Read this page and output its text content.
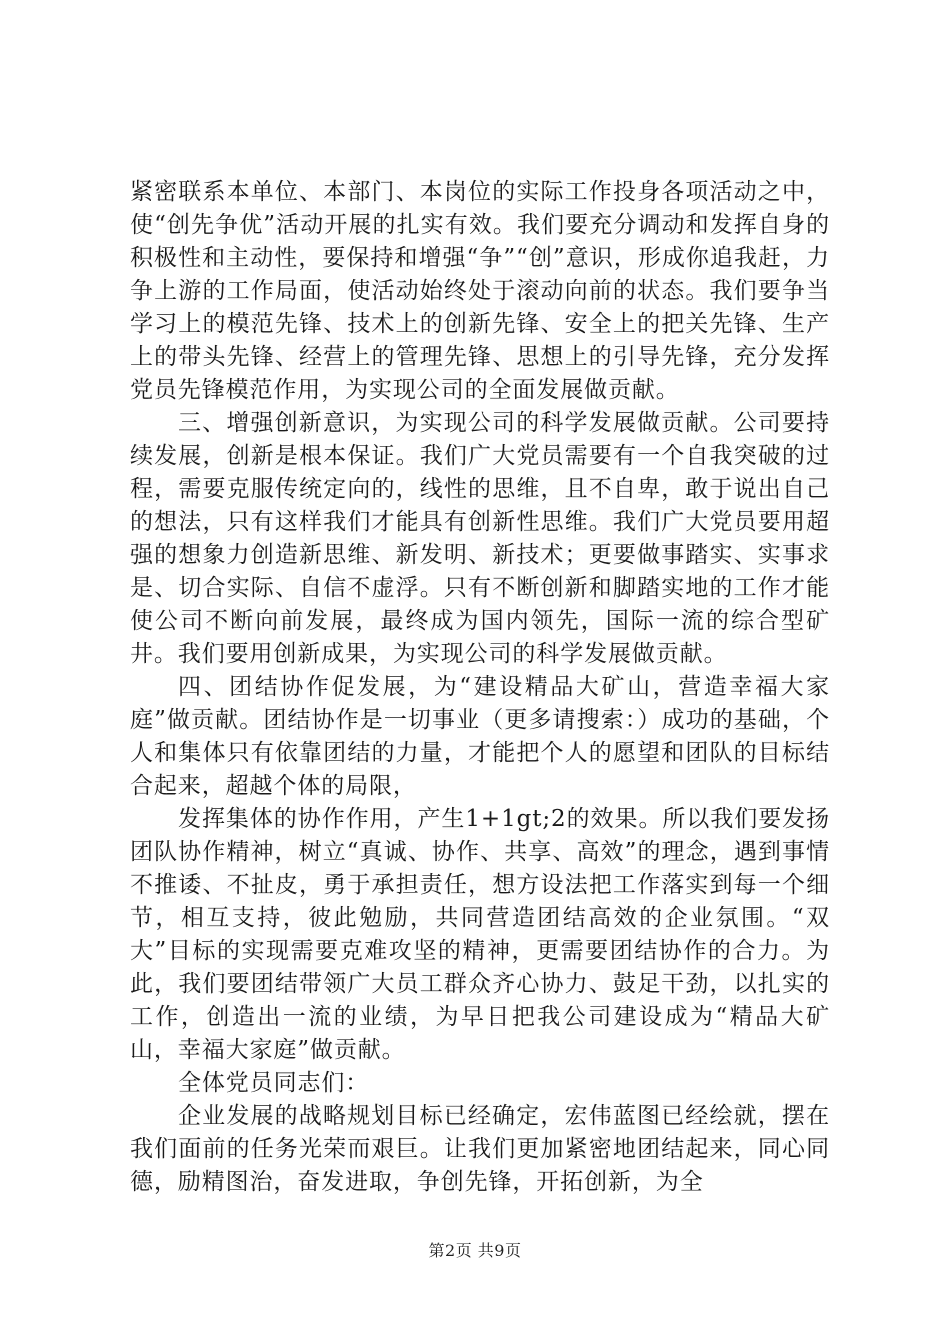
紧密联系本单位、本部门、本岗位的实际工作投身各项活动之中，使“创先争优”活动开展的扎实有效。我们要充分调动和发挥自身的积极性和主动性，要保持和增强“争”“创”意识，形成你追我赶，力争上游的工作局面，使活动始终处于滚动向前的状态。我们要争当学习上的模范先锋、技术上的创新先锋、安全上的把关先锋、生产上的带头先锋、经营上的管理先锋、思想上的引导先锋，充分发挥党员先锋模范作用，为实现公司的全面发展做贡献。

三、增强创新意识，为实现公司的科学发展做贡献。公司要持续发展，创新是根本保证。我们广大党员需要有一个自我突破的过程，需要克服传统定向的，线性的思维，且不自卑，敢于说出自己的想法，只有这样我们才能具有创新性思维。我们广大党员要用超强的想象力创造新思维、新发明、新技术；更要做事踏实、实事求是、切合实际、自信不虚浮。只有不断创新和脚踏实地的工作才能使公司不断向前发展，最终成为国内领先，国际一流的综合型矿井。我们要用创新成果，为实现公司的科学发展做贡献。

四、团结协作促发展，为“建设精品大矿山，营造幸福大家庭”做贡献。团结协作是一切事业（更多请搜索：）成功的基础，个人和集体只有依靠团结的力量，才能把个人的愿望和团队的目标结合起来，超越个体的局限，

发挥集体的协作作用，产生1+1gt;2的效果。所以我们要发扬团队协作精神，树立“真诚、协作、共享、高效”的理念，遇到事情不推诿、不扯皮，勇于承担责任，想方设法把工作落实到每一个细节，相互支持，彼此勉励，共同营造团结高效的企业氛围。“双大”目标的实现需要克难攻坚的精神，更需要团结协作的合力。为此，我们要团结带领广大员工群众齐心协力、鼓足干劲，以扎实的工作，创造出一流的业绩，为早日把我公司建设成为“精品大矿山，幸福大家庭”做贡献。

全体党员同志们：

企业发展的战略规划目标已经确定，宏伟蓝图已经绘就，摆在我们面前的任务光荣而艰巨。让我们更加紧密地团结起来，同心同德，励精图治，奋发进取，争创先锋，开拓创新，为全

第2页 共9页
